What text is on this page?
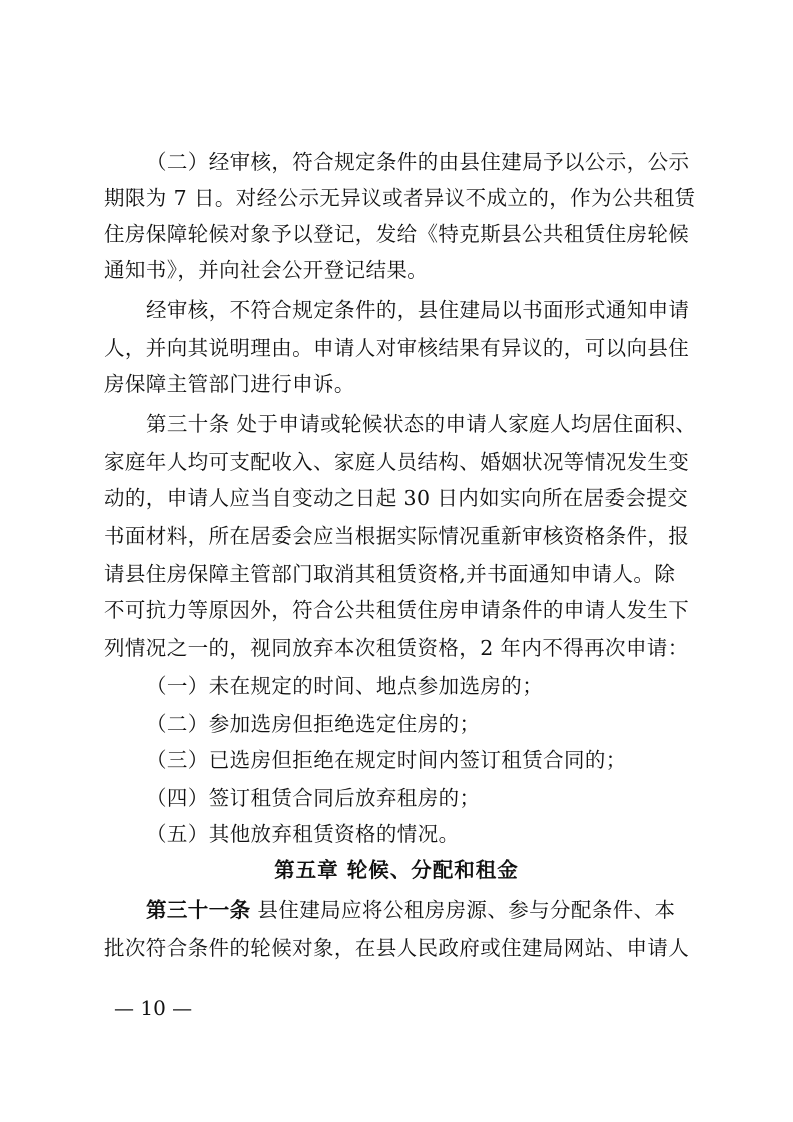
（二）经审核，符合规定条件的由县住建局予以公示，公示
期限为 7 日。对经公示无异议或者异议不成立的，作为公共租赁
住房保障轮候对象予以登记，发给《特克斯县公共租赁住房轮候
通知书》，并向社会公开登记结果。
经审核，不符合规定条件的，县住建局以书面形式通知申请
人，并向其说明理由。申请人对审核结果有异议的，可以向县住
房保障主管部门进行申诉。
第三十条 处于申请或轮候状态的申请人家庭人均居住面积、
家庭年人均可支配收入、家庭人员结构、婚姻状况等情况发生变
动的，申请人应当自变动之日起 30 日内如实向所在居委会提交
书面材料，所在居委会应当根据实际情况重新审核资格条件，报
请县住房保障主管部门取消其租赁资格,并书面通知申请人。除
不可抗力等原因外，符合公共租赁住房申请条件的申请人发生下
列情况之一的，视同放弃本次租赁资格，2 年内不得再次申请：
（一）未在规定的时间、地点参加选房的；
（二）参加选房但拒绝选定住房的；
（三）已选房但拒绝在规定时间内签订租赁合同的；
（四）签订租赁合同后放弃租房的；
（五）其他放弃租赁资格的情况。
第五章 轮候、分配和租金
第三十一条 县住建局应将公租房房源、参与分配条件、本
批次符合条件的轮候对象，在县人民政府或住建局网站、申请人
— 10 —
